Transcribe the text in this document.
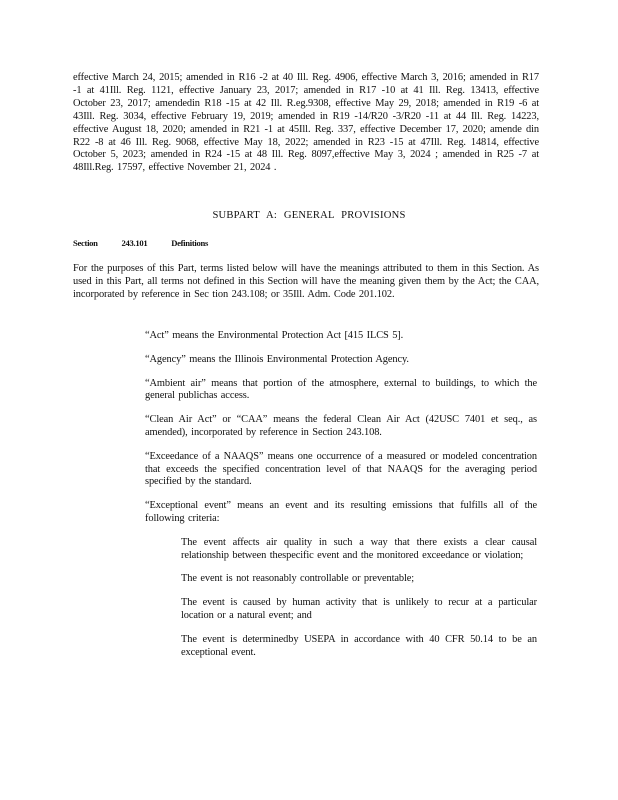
effective March 24, 2015; amended in R16 -2 at 40 Ill. Reg. 4906, effective March 3, 2016; amended in R17 -1 at 41Ill. Reg. 1121, effective January 23, 2017; amended in R17 -10 at 41 Ill. Reg. 13413, effective October 23, 2017; amendedin R18 -15 at 42 Ill. R.eg.9308, effective May 29, 2018; amended in R19 -6 at 43Ill. Reg. 3034, effective February 19, 2019; amended in R19 -14/R20 -3/R20 -11 at 44 Ill. Reg. 14223, effective August 18, 2020; amended in R21 -1 at 45Ill. Reg. 337, effective December 17, 2020; amende din R22 -8 at 46 Ill. Reg. 9068, effective May 18, 2022; amended in R23 -15 at 47Ill. Reg. 14814, effective October 5, 2023; amended in R24 -15 at 48 Ill. Reg. 8097,effective May 3, 2024 ; amended in R25 -7 at 48Ill.Reg. 17597, effective November 21, 2024 .

SUBPART A: GENERAL PROVISIONS
Section	243.101	Definitions

For the purposes of this Part, terms listed below will have the meanings attributed to them in this Section. As used in this Part, all terms not defined in this Section will have the meaning given them by the Act; the CAA, incorporated by reference in Sec tion 243.108; or 35Ill. Adm. Code 201.102.

“Act” means the Environmental Protection Act [415 ILCS 5].

“Agency” means the Illinois Environmental Protection Agency.

“Ambient air” means that portion of the atmosphere, external to buildings, to which the general publichas access.

“Clean Air Act” or “CAA” means the federal Clean Air Act (42USC 7401 et seq., as amended), incorporated by reference in Section 243.108.

“Exceedance of a NAAQS” means one occurrence of a measured or modeled concentration that exceeds the specified concentration level of that NAAQS for the averaging period specified by the standard.

“Exceptional event” means an event and its resulting emissions that fulfills all of the following criteria:

The event affects air quality in such a way that there exists a clear causal relationship between thespecific event and the monitored exceedance or violation;

The event is not reasonably controllable or preventable;

The event is caused by human activity that is unlikely to recur at a particular location or a natural event; and

The event is determinedby USEPA in accordance with 40 CFR 50.14 to be an exceptional event.
